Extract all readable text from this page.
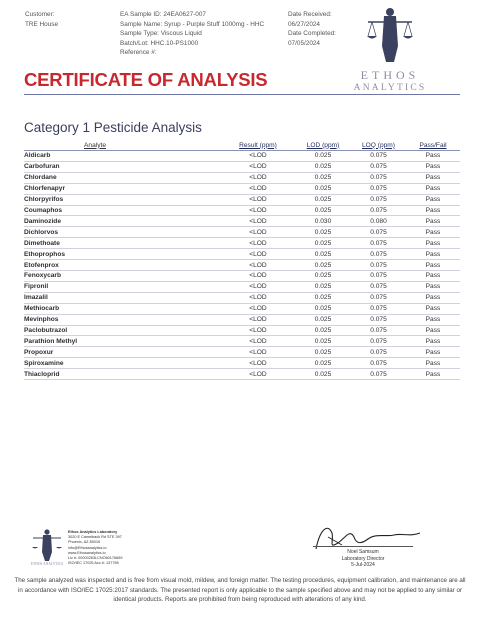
Customer:
TRE House
EA Sample ID: 24EA0627-007
Sample Name: Syrup - Purple Stuff 1000mg - HHC
Sample Type: Viscous Liquid
Batch/Lot: HHC.10-PS1000
Reference #:
Date Received:
06/27/2024
Date Completed:
07/05/2024
ETHOS
ANALYTICS
CERTIFICATE OF ANALYSIS
Category 1 Pesticide Analysis
Analyte	Result (ppm)	LOD (ppm)	LOQ (ppm)	Pass/Fail
Aldicarb	<LOD	0.025	0.075	Pass
Carbofuran	<LOD	0.025	0.075	Pass
Chlordane	<LOD	0.025	0.075	Pass
Chlorfenapyr	<LOD	0.025	0.075	Pass
Chlorpyrifos	<LOD	0.025	0.075	Pass
Coumaphos	<LOD	0.025	0.075	Pass
Daminozide	<LOD	0.030	0.080	Pass
Dichlorvos	<LOD	0.025	0.075	Pass
Dimethoate	<LOD	0.025	0.075	Pass
Ethoprophos	<LOD	0.025	0.075	Pass
Etofenprox	<LOD	0.025	0.075	Pass
Fenoxycarb	<LOD	0.025	0.075	Pass
Fipronil	<LOD	0.025	0.075	Pass
Imazalil	<LOD	0.025	0.075	Pass
Methiocarb	<LOD	0.025	0.075	Pass
Mevinphos	<LOD	0.025	0.075	Pass
Paclobutrazol	<LOD	0.025	0.075	Pass
Parathion Methyl	<LOD	0.025	0.075	Pass
Propoxur	<LOD	0.025	0.075	Pass
Spiroxamine	<LOD	0.025	0.075	Pass
Thiacloprid	<LOD	0.025	0.075	Pass
ETHOS ANALYTICS
Ethos Analytics Laboratory
3020 E Camelback Rd STE 397
Phoenix, AZ 85016
info@Ethosanalytics.io
www.Ethosanalytics.io
Lic #: 00000263LCNO60176669
ISO/IEC 17025 Acc #: 137798
Noel Samsum
Laboratory Director
5-Jul-2024
The sample analyzed was inspected and is free from visual mold, mildew, and foreign matter. The testing procedures, equipment calibration, and maintenance are all in accordance with ISO/IEC 17025:2017 standards. The presented report is only applicable to the sample specified above and may not be applied to any similar or identical products. Reports are prohibited from being reproduced with alterations of any kind.
